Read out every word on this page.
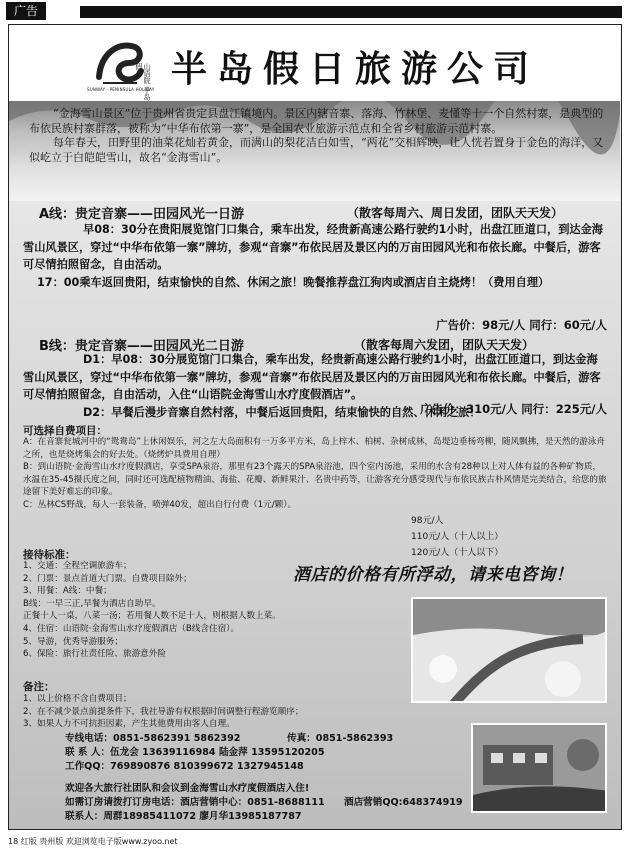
广告
山语院 半岛假日
SUNWAY · PENINSULA HOLIDAY 半岛假日旅游公司

“金海雪山景区”位于贵州省贵定县盘江镇境内。景区内辖音寨、落海、竹林堡、麦懂等十一个自然村寨，是典型的布依民族村寨群落，被称为“中华布依第一寨”，是全国农业旅游示范点和全省乡村旅游示范村寨。

每年春天，田野里的油菜花灿若黄金，而满山的梨花洁白如雪，“两花”交相辉映，让人恍若置身于金色的海洋，又似屹立于白皑皑雪山，故名“金海雪山”。

A线：贵定音寨——田园风光一日游	（散客每周六、周日发团，团队天天发）

早08：30分在贵阳展览馆门口集合，乘车出发，经贵新高速公路行驶约1小时，出盘江匝道口，到达金海雪山风景区，穿过“中华布依第一寨”牌坊，参观“音寨”布依民居及景区内的万亩田园风光和布依长廊。中餐后，游客可尽情拍照留念，自由活动。

17：00乘车返回贵阳，结束愉快的自然、休闲之旅！晚餐推荐盘江狗肉或酒店自主烧烤！（费用自理）

广告价：98元/人 同行：60元/人
B线：贵定音寨——田园风光二日游	（散客每周六发团，团队天天发）

D1：早08：30分展览馆门口集合，乘车出发，经贵新高速公路行驶约1小时，出盘江匝道口，到达金海雪山风景区，穿过“中华布依第一寨”牌坊，参观“音寨”布依民居及景区内的万亩田园风光和布依长廊。中餐后，游客可尽情拍照留念，自由活动，入住“山语院金海雪山水疗度假酒店”。

D2：早餐后漫步音寨自然村落，中餐后返回贵阳，结束愉快的自然、休闲之旅！

广告价：310元/人 同行：225元/人
可选择自费项目：

A：在音寨瓮城河中的“鸳鸯岛”上休闲娱乐，河之左大岛面积有一万多平方米，岛上梓木、柏树、杂树成林，岛堤边垂杨弯柳，随风飘拂，是天然的游泳舟之所，也是烧烤集会的好去处。（烧烤炉具费用自理）

B：到山语院·金海雪山水疗度假酒店，享受SPA泉浴，那里有23个露天的SPA泉浴池，四个室内汤池，采用的水含有28种以上对人体有益的各种矿物质，水温在35-45摄氏度之间，同时还可选配植物精油、海盐、花瓣、新鲜果汁、名贵中药等，让游客充分感受现代与布依民族古朴风情是完美结合，给您的旅途留下美好难忘的印象。

C：丛林CS野战，每人一套装备，喷弹40发，超出自行付费（1元/颗）。

98元/人
110元/人（十人以上）
120元/人（十人以下）
接待标准：

1、交通：全程空调旅游车；

2、门票：景点首道大门票。自费项目除外；

3、用餐：A线：中餐；

B线：一早三正,早餐为酒店自助早。

正餐十人一桌，八菜一汤；若用餐人数不足十人，则根据人数上菜。

4、住宿：山语院·金海雪山水疗度假酒店（B线含住宿）。

5、导游，优秀导游服务；

6、保险：旅行社责任险、旅游意外险

酒店的价格有所浮动，请来电咨询！
备注：

1、以上价格不含自费项目；

2、在不减少景点前提条件下，我社导游有权根据时间调整行程游览顺序；

3、如果人力不可抗拒因素，产生其他费用由客人自理。

专线电话：0851-5862391 5862392	传真：0851-5862393
联 系 人：伍龙会 13639116984 陆金萍 13595120205
工作QQ：769890876 810399672 1327945148
欢迎各大旅行社团队和会议到金海雪山水疗度假酒店入住!
如需订房请拨打订房电话：酒店营销中心：0851-8688111
联系人：周群18985411072 廖月华13985187787
酒店营销QQ:648374919
18 红版 贵州版 欢迎浏览电子版www.zyoo.net
